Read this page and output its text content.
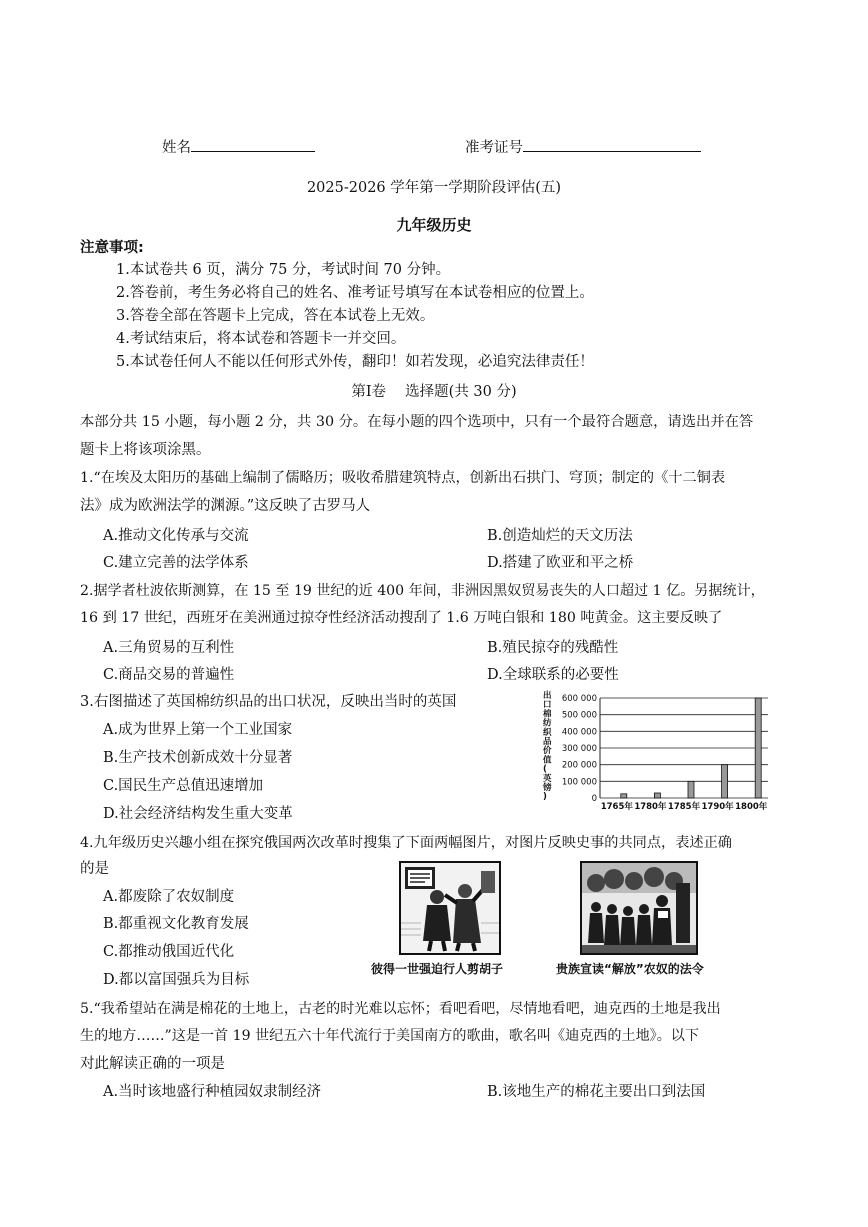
姓名	准考证号
2025-2026 学年第一学期阶段评估(五)
九年级历史
注意事项:
1.本试卷共 6 页，满分 75 分，考试时间 70 分钟。
2.答卷前，考生务必将自己的姓名、准考证号填写在本试卷相应的位置上。
3.答卷全部在答题卡上完成，答在本试卷上无效。
4.考试结束后，将本试卷和答题卡一并交回。
5.本试卷任何人不能以任何形式外传，翻印！如若发现，必追究法律责任！
第Ⅰ卷　 选择题(共 30 分)
本部分共 15 小题，每小题 2 分，共 30 分。在每小题的四个选项中，只有一个最符合题意，请选出并在答
题卡上将该项涂黑。
1.“在埃及太阳历的基础上编制了儒略历；吸收希腊建筑特点，创新出石拱门、穹顶；制定的《十二铜表
法》成为欧洲法学的渊源。”这反映了古罗马人
A.推动文化传承与交流	B.创造灿烂的天文历法
C.建立完善的法学体系	D.搭建了欧亚和平之桥
2.据学者杜波依斯测算，在 15 至 19 世纪的近 400 年间，非洲因黑奴贸易丧失的人口超过 1 亿。另据统计，
16 到 17 世纪，西班牙在美洲通过掠夺性经济活动搜刮了 1.6 万吨白银和 180 吨黄金。这主要反映了
A.三角贸易的互利性	B.殖民掠夺的残酷性
C.商品交易的普遍性	D.全球联系的必要性
3.右图描述了英国棉纺织品的出口状况，反映出当时的英国
A.成为世界上第一个工业国家
B.生产技术创新成效十分显著
C.国民生产总值迅速增加
D.社会经济结构发生重大变革
出
口
棉
纺
织
品
价
值
(
英
镑
)	0
100 000
200 000
300 000
400 000
500 000
600 000
1765年 1780年 1785年 1790年 1800年
4.九年级历史兴趣小组在探究俄国两次改革时搜集了下面两幅图片，对图片反映史事的共同点，表述正确
的是
A.都废除了农奴制度
B.都重视文化教育发展
C.都推动俄国近代化
D.都以富国强兵为目标
彼得一世强迫行人剪胡子	贵族宣读“解放”农奴的法令
5.“我希望站在满是棉花的土地上，古老的时光难以忘怀；看吧看吧，尽情地看吧，迪克西的土地是我出
生的地方……”这是一首 19 世纪五六十年代流行于美国南方的歌曲，歌名叫《迪克西的土地》。以下
对此解读正确的一项是
A.当时该地盛行种植园奴隶制经济	B.该地生产的棉花主要出口到法国
